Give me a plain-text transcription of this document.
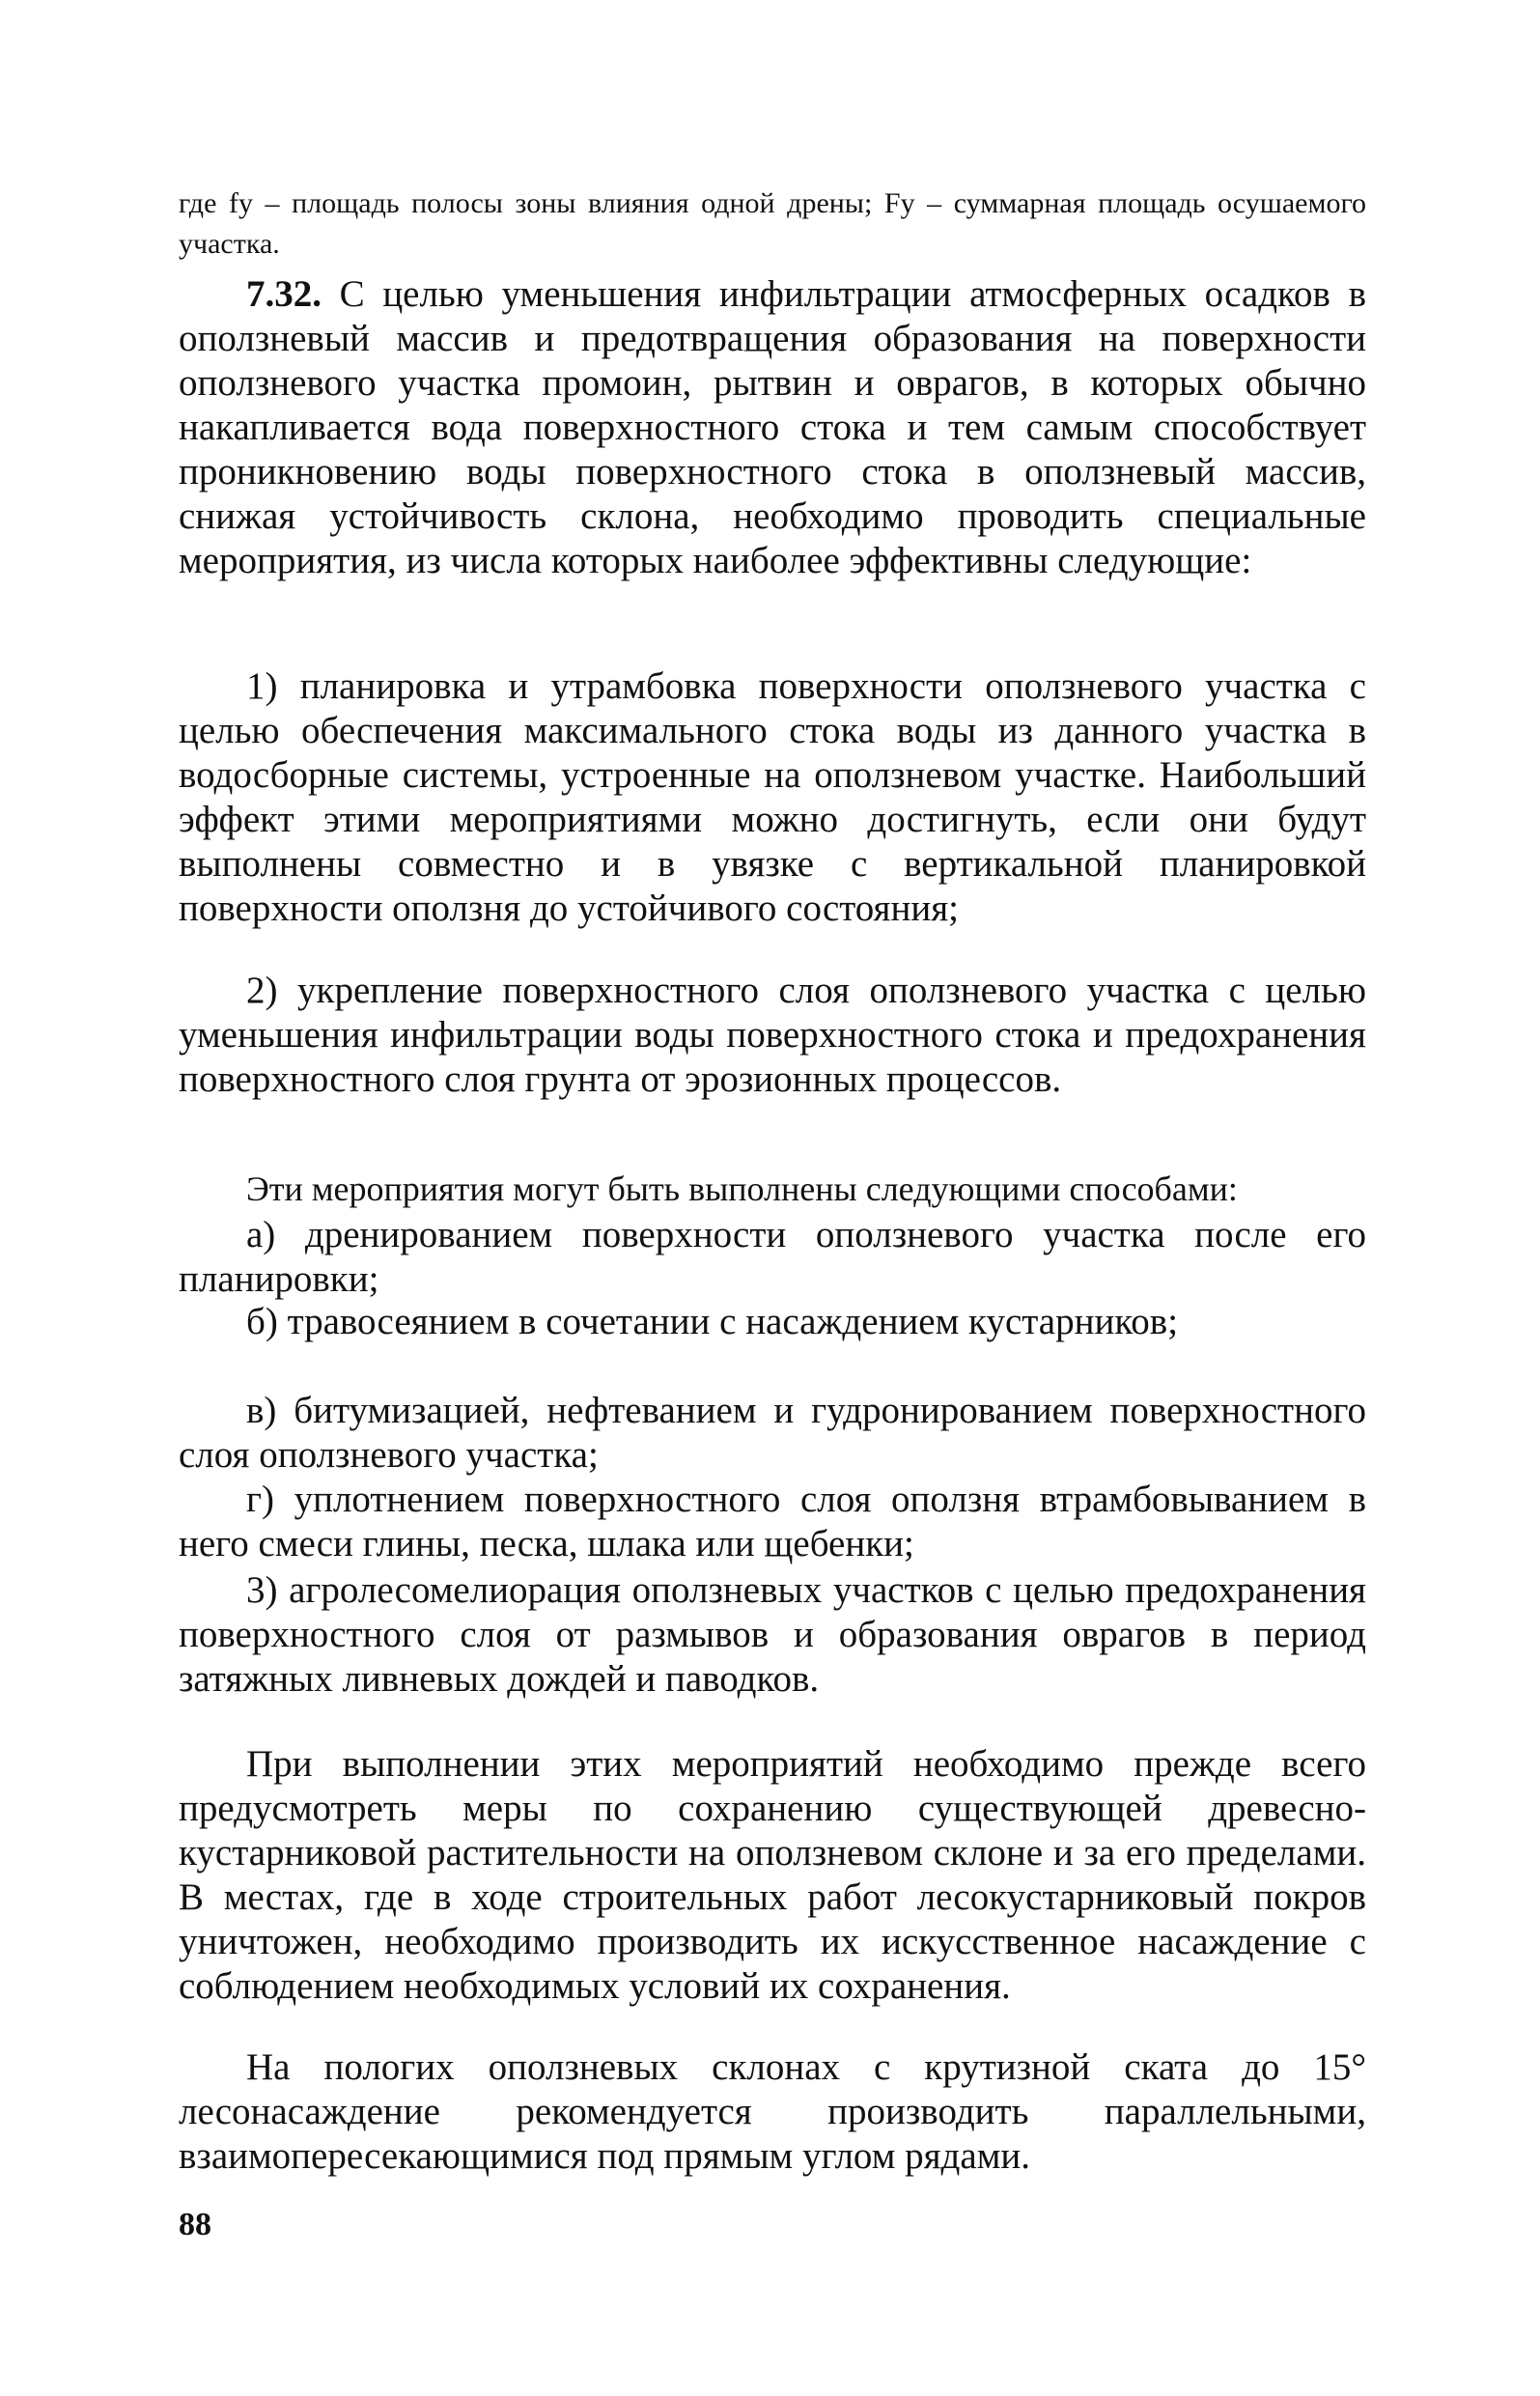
где fу – площадь полосы зоны влияния одной дрены; Fу – суммарная площадь осушаемого участка.

7.32. С целью уменьшения инфильтрации атмосферных осадков в оползневый массив и предотвращения образования на поверхности оползневого участка промоин, рытвин и оврагов, в которых обычно накапливается вода поверхностного стока и тем самым способствует проникновению воды поверхностного стока в оползневый массив, снижая устойчивость склона, необходимо проводить специальные мероприятия, из числа которых наиболее эффективны следующие:

1) планировка и утрамбовка поверхности оползневого участка с целью обеспечения максимального стока воды из данного участка в водосборные системы, устроенные на оползневом участке. Наибольший эффект этими мероприятиями можно достигнуть, если они будут выполнены совместно и в увязке с вертикальной планировкой поверхности оползня до устойчивого состояния;

2) укрепление поверхностного слоя оползневого участка с целью уменьшения инфильтрации воды поверхностного стока и предохранения поверхностного слоя грунта от эрозионных процессов.

Эти мероприятия могут быть выполнены следующими способами:

а) дренированием поверхности оползневого участка после его планировки;

б) травосеянием в сочетании с насаждением кустарников;

в) битумизацией, нефтеванием и гудронированием поверхностного слоя оползневого участка;

г) уплотнением поверхностного слоя оползня втрамбовыванием в него смеси глины, песка, шлака или щебенки;

3) агролесомелиорация оползневых участков с целью предохранения поверхностного слоя от размывов и образования оврагов в период затяжных ливневых дождей и паводков.

При выполнении этих мероприятий необходимо прежде всего предусмотреть меры по сохранению существующей древесно-кустарниковой растительности на оползневом склоне и за его пределами. В местах, где в ходе строительных работ лесокустарниковый покров уничтожен, необходимо производить их искусственное насаждение с соблюдением необходимых условий их сохранения.

На пологих оползневых склонах с крутизной ската до 15° лесонасаждение рекомендуется производить параллельными, взаимопересекающимися под прямым углом рядами.

88
